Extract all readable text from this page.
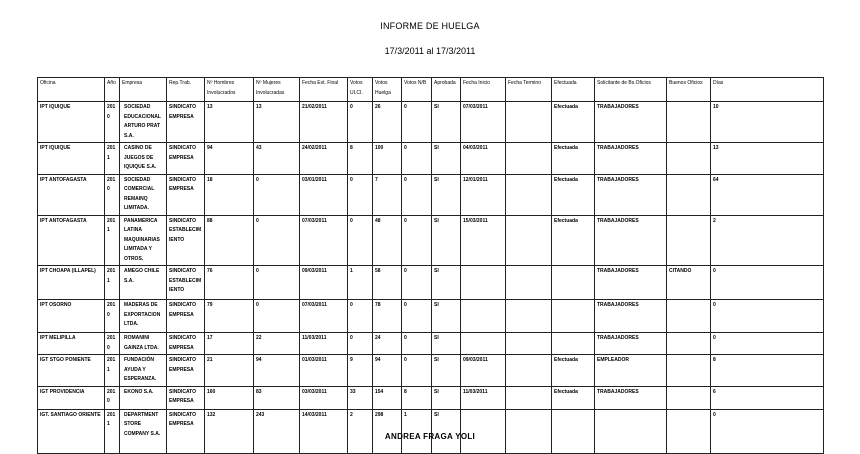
INFORME DE HUELGA
17/3/2011 al 17/3/2011
Oficina	Año	Empresa	Rep.Trab.	Nº Hombres Involucrados	Nº Mujeres Involucradas	Fecha Ext. Final	Votos UI.CI.	Votos Huelga	Votos N/B	Aprobada	Fecha Inicio	Fecha Termino	Efectuada	Solicitante de Bs.Oficios	Buenos Oficios	Días
IPT IQUIQUE	2010	SOCIEDAD EDUCACIONAL ARTURO PRAT S.A.	SINDICATO EMPRESA	13	13	21/02/2011	0	26	0	SI	07/03/2011		Efectuada	TRABAJADORES		10
IPT IQUIQUE	2011	CASINO DE JUEGOS DE IQUIQUE S.A.	SINDICATO EMPRESA	94	43	24/02/2011	8	100	0	SI	04/03/2011		Efectuada	TRABAJADORES		13
IPT ANTOFAGASTA	2010	SOCIEDAD COMERCIAL REMAINQ LIMITADA.	SINDICATO EMPRESA	18	0	03/01/2011	0	7	0	SI	12/01/2011		Efectuada	TRABAJADORES		64
IPT ANTOFAGASTA	2011	PANAMERICA LATINA MAQUINARIAS LIMITADA Y OTROS.	SINDICATO ESTABLECIMIENTO	88	0	07/03/2011	0	48	0	SI	15/03/2011		Efectuada	TRABAJADORES		2
IPT CHOAPA (ILLAPEL)	2011	AMEGO CHILE S.A.	SINDICATO ESTABLECIMIENTO	76	0	09/03/2011	1	58	0	SI				TRABAJADORES	CITANDO	0
IPT OSORNO	2010	MADERAS DE EXPORTACION LTDA.	SINDICATO EMPRESA	79	0	07/03/2011	0	78	0	SI				TRABAJADORES		0
IPT MELIPILLA	2010	ROMANINI GAINZA LTDA.	SINDICATO EMPRESA	17	22	11/03/2011	0	24	0	SI				TRABAJADORES		0
IGT STGO PONIENTE	2011	FUNDACIÓN AYUDA Y ESPERANZA.	SINDICATO EMPRESA	21	94	01/03/2011	9	94	0	SI	09/03/2011		Efectuada	EMPLEADOR		8
IGT PROVIDENCIA	2010	EKONO S.A.	SINDICATO EMPRESA	160	83	03/03/2011	33	154	8	SI	11/03/2011		Efectuada	TRABAJADORES		6
IGT. SANTIAGO ORIENTE	2011	DEPARTMENT STORE COMPANY S.A.	SINDICATO EMPRESA	132	243	14/03/2011	2	298	1	SI						0
ANDREA FRAGA YOLI
